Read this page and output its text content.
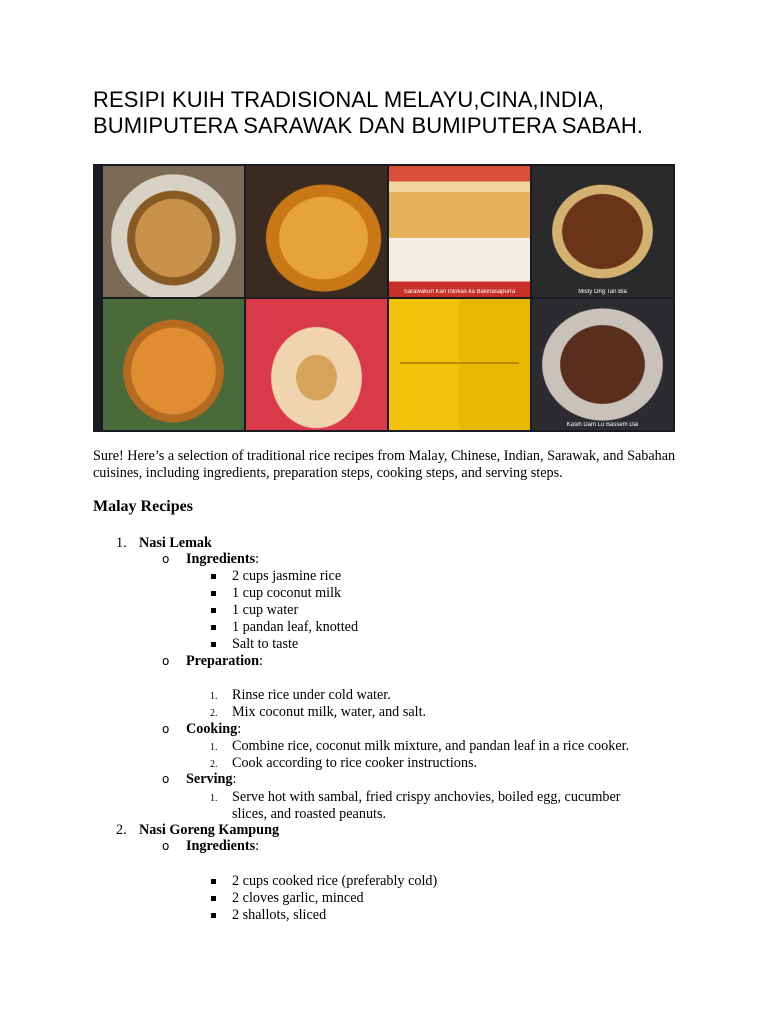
RESIPI KUIH TRADISIONAL MELAYU,CINA,INDIA, BUMIPUTERA SARAWAK DAN BUMIPUTERA SABAH.
Sarawakurl Kan Inlokas ka Bakinasapurra	Misty Ong Tan Bla
Kasih Dam Lu Bassem Dai

Sure! Here’s a selection of traditional rice recipes from Malay, Chinese, Indian, Sarawak, and Sabahan cuisines, including ingredients, preparation steps, cooking steps, and serving steps.

Malay Recipes
1. Nasi Lemak
o Ingredients:
2 cups jasmine rice
1 cup coconut milk
1 cup water
1 pandan leaf, knotted
Salt to taste
o Preparation:
1. Rinse rice under cold water.
2. Mix coconut milk, water, and salt.
o Cooking:
1. Combine rice, coconut milk mixture, and pandan leaf in a rice cooker.
2. Cook according to rice cooker instructions.
o Serving:
1. Serve hot with sambal, fried crispy anchovies, boiled egg, cucumber
slices, and roasted peanuts.
2. Nasi Goreng Kampung
o Ingredients:
2 cups cooked rice (preferably cold)
2 cloves garlic, minced
2 shallots, sliced
